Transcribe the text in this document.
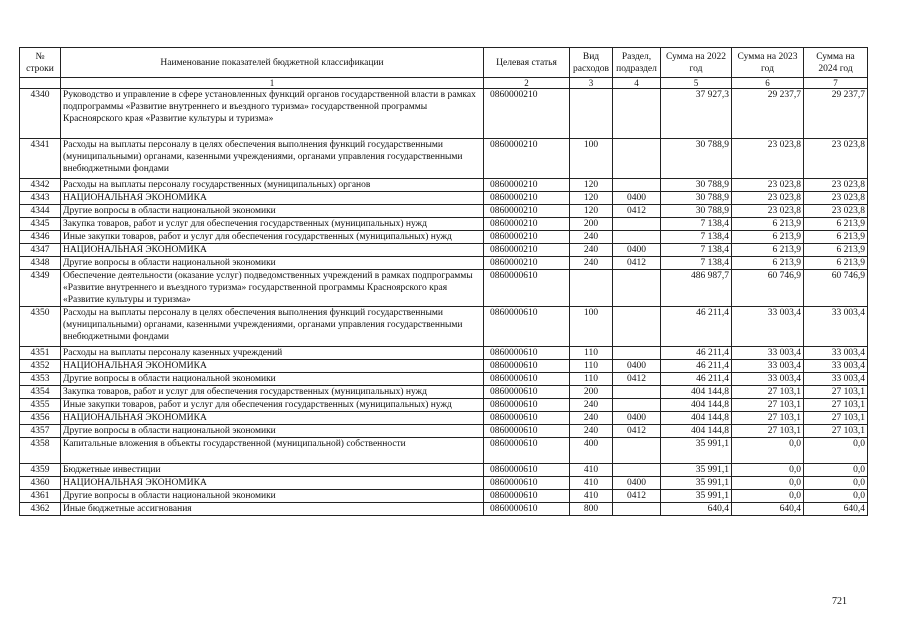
№ строки	Наименование показателей бюджетной классификации	Целевая статья	Вид расходов	Раздел, подраздел	Сумма на 2022 год	Сумма на 2023 год	Сумма на 2024 год
	1	2	3	4	5	6	7
4340	Руководство и управление в сфере установленных функций органов государственной власти в рамках подпрограммы «Развитие внутреннего и въездного туризма» государственной программы Красноярского края «Развитие культуры и туризма»	0860000210			37 927,3	29 237,7	29 237,7
4341	Расходы на выплаты персоналу в целях обеспечения выполнения функций государственными (муниципальными) органами, казенными учреждениями, органами управления государственными внебюджетными фондами	0860000210	100		30 788,9	23 023,8	23 023,8
4342	Расходы на выплаты персоналу государственных (муниципальных) органов	0860000210	120		30 788,9	23 023,8	23 023,8
4343	НАЦИОНАЛЬНАЯ ЭКОНОМИКА	0860000210	120	0400	30 788,9	23 023,8	23 023,8
4344	Другие вопросы в области национальной экономики	0860000210	120	0412	30 788,9	23 023,8	23 023,8
4345	Закупка товаров, работ и услуг для обеспечения государственных (муниципальных) нужд	0860000210	200		7 138,4	6 213,9	6 213,9
4346	Иные закупки товаров, работ и услуг для обеспечения государственных (муниципальных) нужд	0860000210	240		7 138,4	6 213,9	6 213,9
4347	НАЦИОНАЛЬНАЯ ЭКОНОМИКА	0860000210	240	0400	7 138,4	6 213,9	6 213,9
4348	Другие вопросы в области национальной экономики	0860000210	240	0412	7 138,4	6 213,9	6 213,9
4349	Обеспечение деятельности (оказание услуг) подведомственных учреждений в рамках подпрограммы «Развитие внутреннего и въездного туризма» государственной программы Красноярского края «Развитие культуры и туризма»	0860000610			486 987,7	60 746,9	60 746,9
4350	Расходы на выплаты персоналу в целях обеспечения выполнения функций государственными (муниципальными) органами, казенными учреждениями, органами управления государственными внебюджетными фондами	0860000610	100		46 211,4	33 003,4	33 003,4
4351	Расходы на выплаты персоналу казенных учреждений	0860000610	110		46 211,4	33 003,4	33 003,4
4352	НАЦИОНАЛЬНАЯ ЭКОНОМИКА	0860000610	110	0400	46 211,4	33 003,4	33 003,4
4353	Другие вопросы в области национальной экономики	0860000610	110	0412	46 211,4	33 003,4	33 003,4
4354	Закупка товаров, работ и услуг для обеспечения государственных (муниципальных) нужд	0860000610	200		404 144,8	27 103,1	27 103,1
4355	Иные закупки товаров, работ и услуг для обеспечения государственных (муниципальных) нужд	0860000610	240		404 144,8	27 103,1	27 103,1
4356	НАЦИОНАЛЬНАЯ ЭКОНОМИКА	0860000610	240	0400	404 144,8	27 103,1	27 103,1
4357	Другие вопросы в области национальной экономики	0860000610	240	0412	404 144,8	27 103,1	27 103,1
4358	Капитальные вложения в объекты государственной (муниципальной) собственности	0860000610	400		35 991,1	0,0	0,0
4359	Бюджетные инвестиции	0860000610	410		35 991,1	0,0	0,0
4360	НАЦИОНАЛЬНАЯ ЭКОНОМИКА	0860000610	410	0400	35 991,1	0,0	0,0
4361	Другие вопросы в области национальной экономики	0860000610	410	0412	35 991,1	0,0	0,0
4362	Иные бюджетные ассигнования	0860000610	800		640,4	640,4	640,4
721
